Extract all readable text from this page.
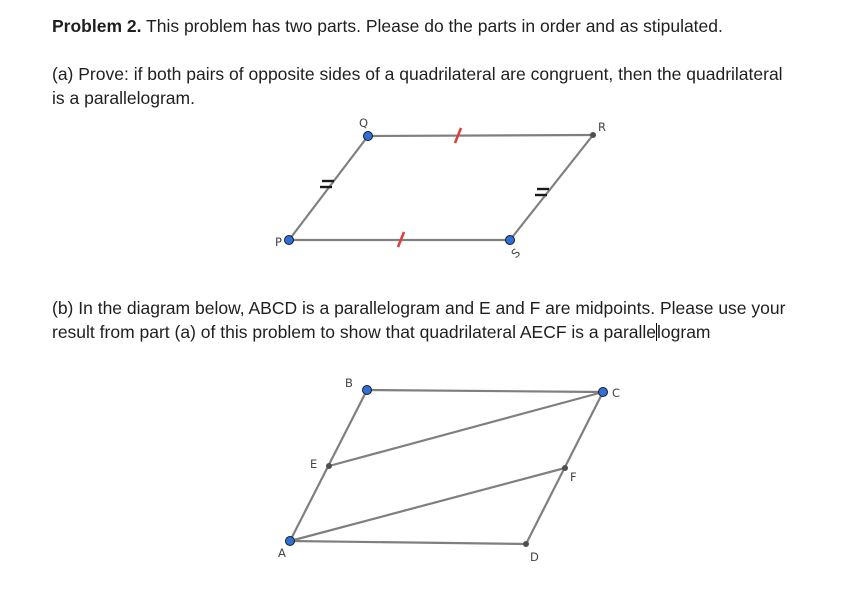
Problem 2. This problem has two parts. Please do the parts in order and as stipulated.
(a) Prove: if both pairs of opposite sides of a quadrilateral are congruent, then the quadrilateral
is a parallelogram.
P
Q	R
S
(b) In the diagram below, ABCD is a parallelogram and E and F are midpoints. Please use your
result from part (a) of this problem to show that quadrilateral AECF is a parallelogram
A
B
C
D
E
F
